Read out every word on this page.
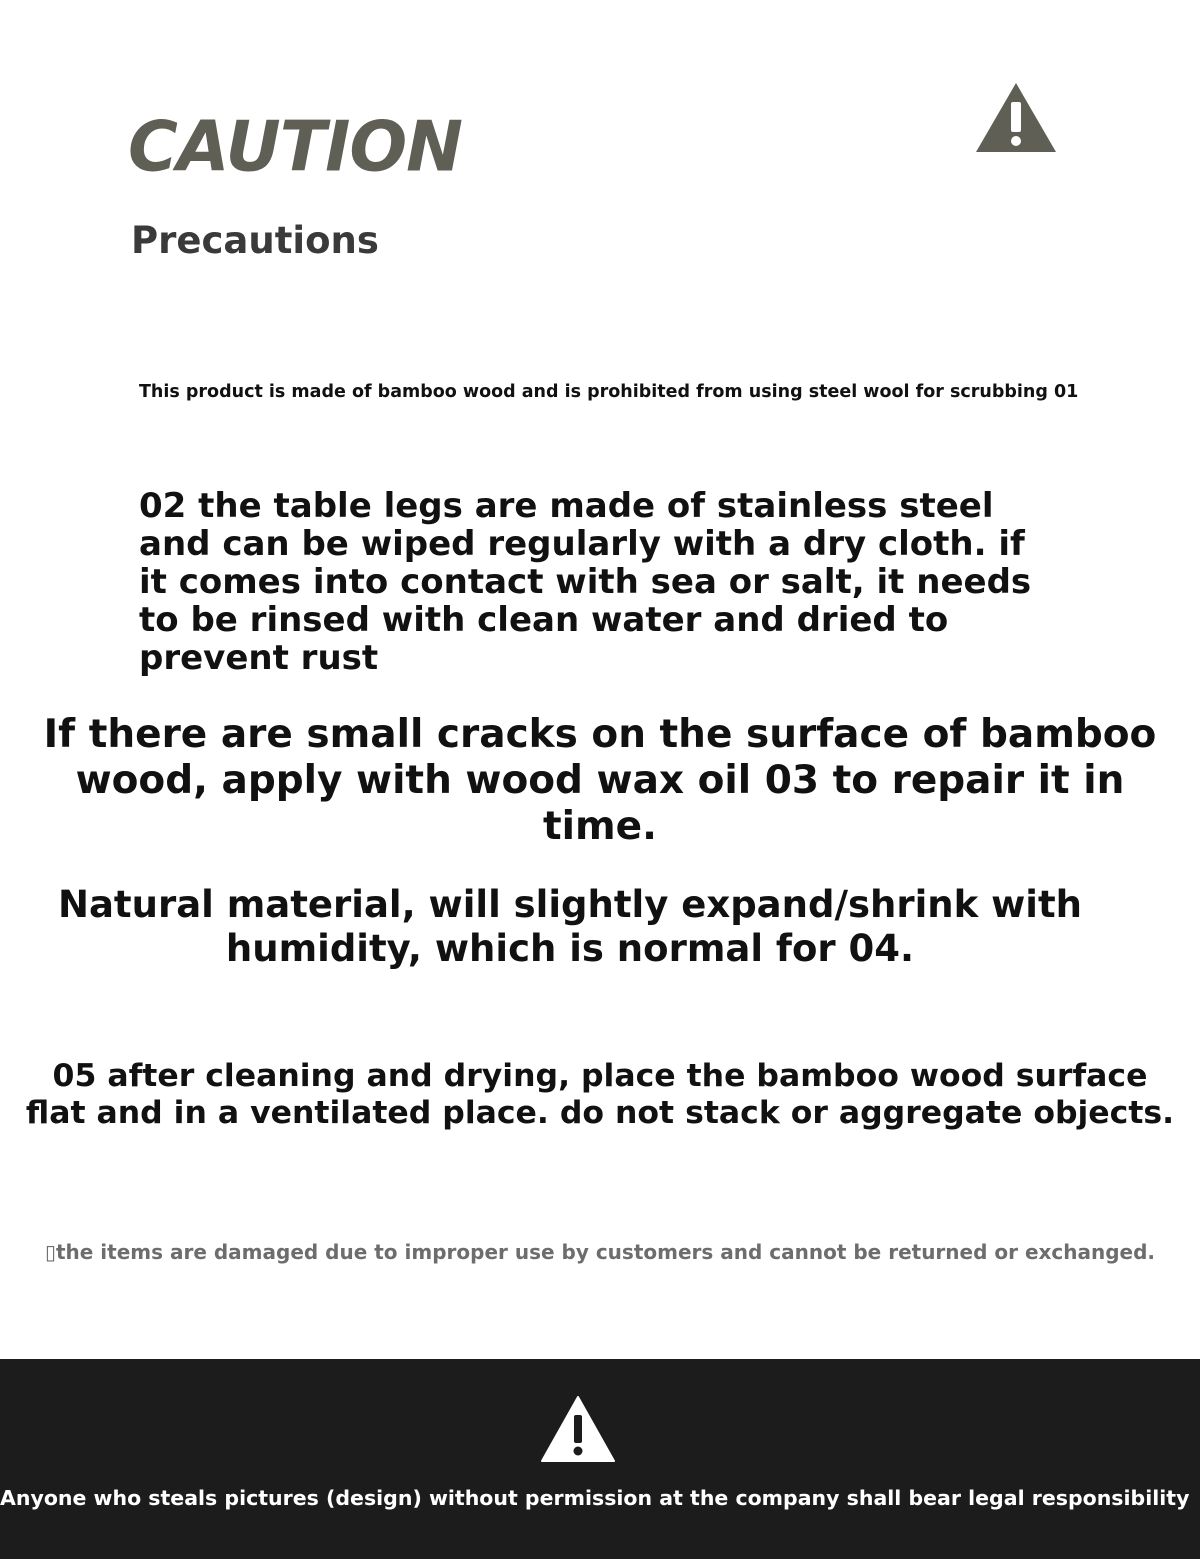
CAUTION
Precautions
This product is made of bamboo wood and is prohibited from using steel wool for scrubbing 01
02 the table legs are made of stainless steel and can be wiped regularly with a dry cloth. if it comes into contact with sea or salt, it needs to be rinsed with clean water and dried to prevent rust
If there are small cracks on the surface of bamboo wood, apply with wood wax oil 03 to repair it in time.
Natural material, will slightly expand/shrink with humidity, which is normal for 04.
05 after cleaning and drying, place the bamboo wood surface flat and in a ventilated place. do not stack or aggregate objects.
▯the items are damaged due to improper use by customers and cannot be returned or exchanged.
Anyone who steals pictures (design) without permission at the company shall bear legal responsibility
